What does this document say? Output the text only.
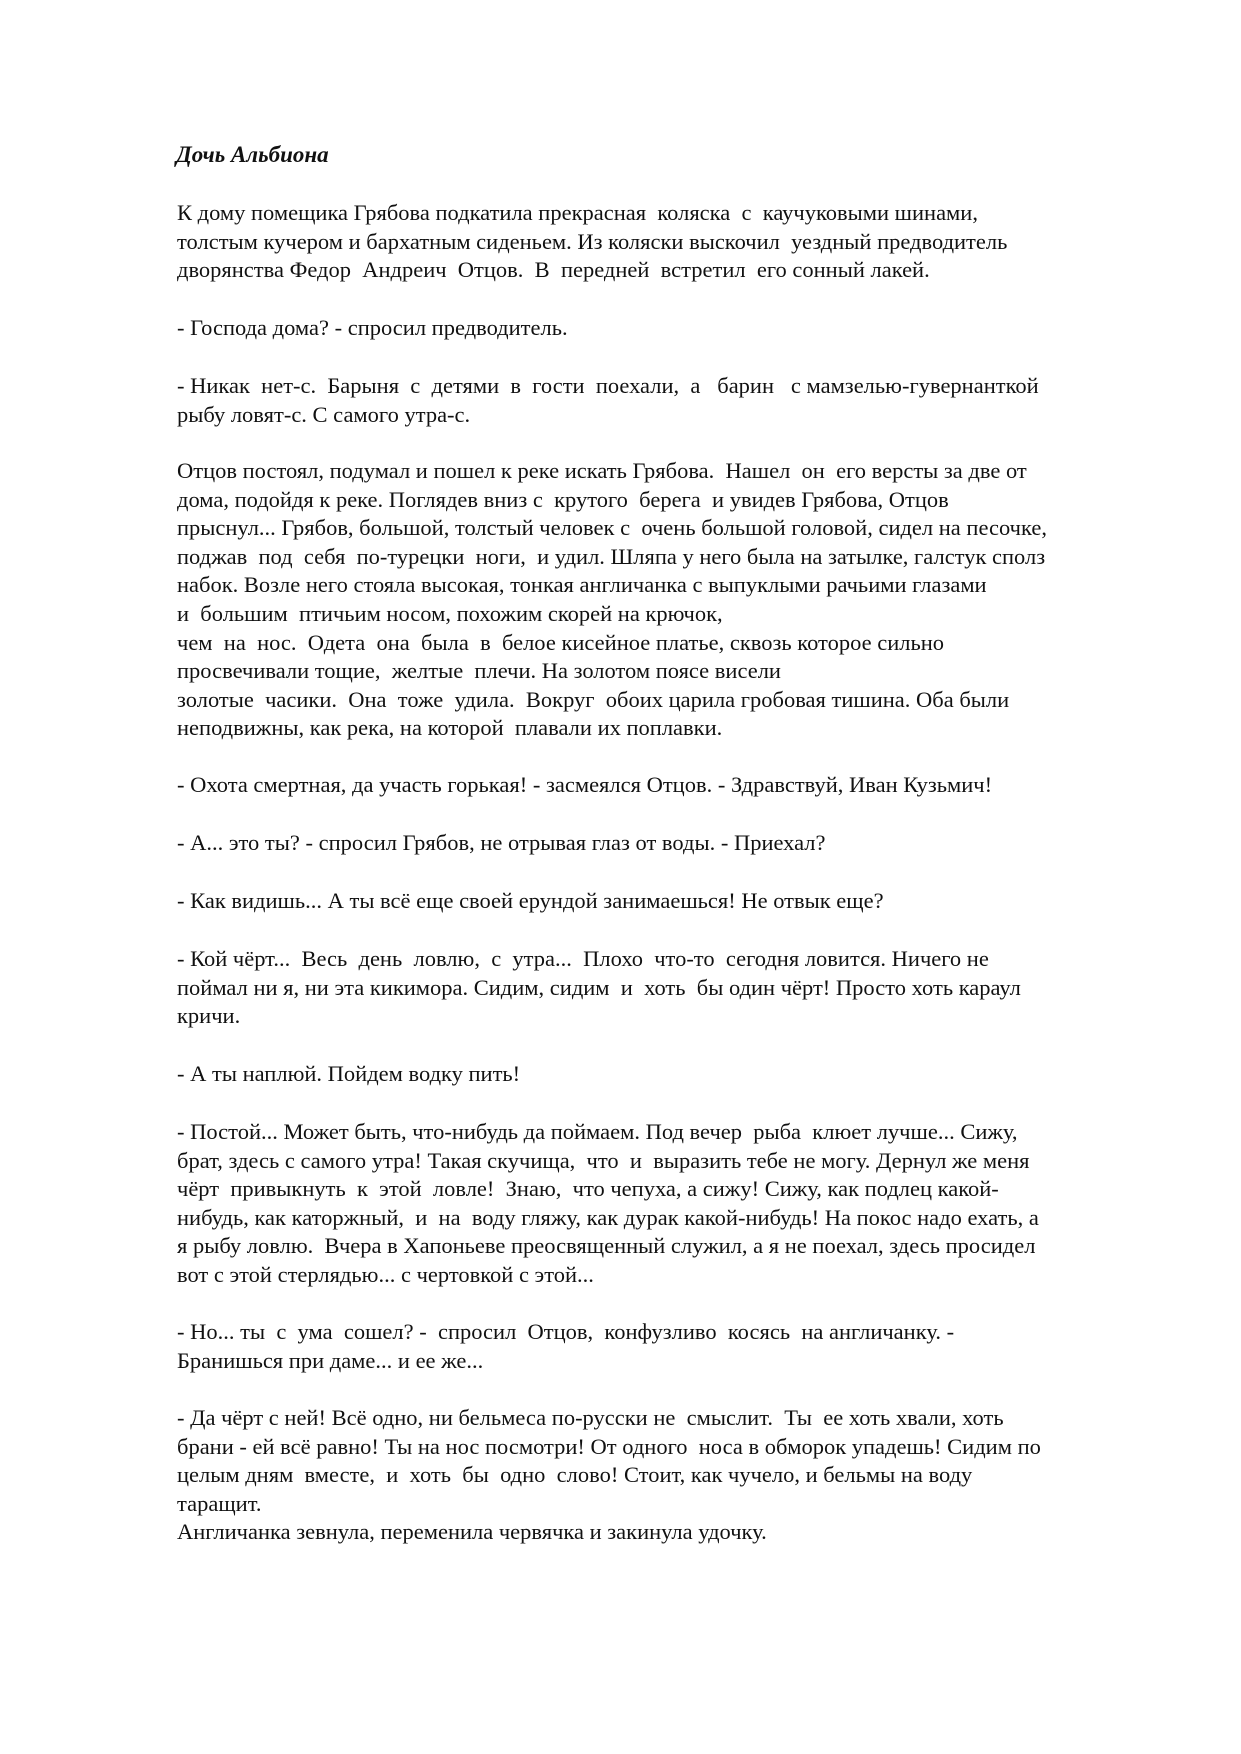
Дочь Альбиона
К дому помещика Грябова подкатила прекрасная  коляска  с  каучуковыми шинами,
толстым кучером и бархатным сиденьем. Из коляски выскочил  уездный предводитель
дворянства Федор  Андреич  Отцов.  В  передней  встретил  его сонный лакей.
- Господа дома? - спросил предводитель.
- Никак  нет-с.  Барыня  с  детями  в  гости  поехали,  а   барин   с мамзелью-гувернанткой
рыбу ловят-с. С самого утра-с.
Отцов постоял, подумал и пошел к реке искать Грябова.  Нашел  он  его версты за две от
дома, подойдя к реке. Поглядев вниз с  крутого  берега  и увидев Грябова, Отцов
прыснул... Грябов, большой, толстый человек с  очень большой головой, сидел на песочке,
поджав  под  себя  по-турецки  ноги,  и удил. Шляпа у него была на затылке, галстук сполз
набок. Возле него стояла высокая, тонкая англичанка с выпуклыми рачьими глазами
и  большим  птичьим носом, похожим скорей на крючок,
чем  на  нос.  Одета  она  была  в  белое кисейное платье, сквозь которое сильно
просвечивали тощие,  желтые  плечи. На золотом поясе висели
золотые  часики.  Она  тоже  удила.  Вокруг  обоих царила гробовая тишина. Оба были
неподвижны, как река, на которой  плавали их поплавки.
- Охота смертная, да участь горькая! - засмеялся Отцов. - Здравствуй, Иван Кузьмич!
- А... это ты? - спросил Грябов, не отрывая глаз от воды. - Приехал?
- Как видишь... А ты всё еще своей ерундой занимаешься! Не отвык еще?
- Кой чёрт...  Весь  день  ловлю,  с  утра...  Плохо  что-то  сегодня ловится. Ничего не
поймал ни я, ни эта кикимора. Сидим, сидим  и  хоть  бы один чёрт! Просто хоть караул
кричи.
- А ты наплюй. Пойдем водку пить!
- Постой... Может быть, что-нибудь да поймаем. Под вечер  рыба  клюет лучше... Сижу,
брат, здесь с самого утра! Такая скучища,  что  и  выразить тебе не могу. Дернул же меня
чёрт  привыкнуть  к  этой  ловле!  Знаю,  что чепуха, а сижу! Сижу, как подлец какой-
нибудь, как каторжный,  и  на  воду гляжу, как дурак какой-нибудь! На покос надо ехать, а
я рыбу ловлю.  Вчера в Хапоньеве преосвященный служил, а я не поехал, здесь просидел
вот с этой стерлядью... с чертовкой с этой...
- Но... ты  с  ума  сошел? -  спросил  Отцов,  конфузливо  косясь  на англичанку. -
Бранишься при даме... и ее же...
- Да чёрт с ней! Всё одно, ни бельмеса по-русски не  смыслит.  Ты  ее хоть хвали, хоть
брани - ей всё равно! Ты на нос посмотри! От одного  носа в обморок упадешь! Сидим по
целым дням  вместе,  и  хоть  бы  одно  слово! Стоит, как чучело, и бельмы на воду
таращит.
Англичанка зевнула, переменила червячка и закинула удочку.
